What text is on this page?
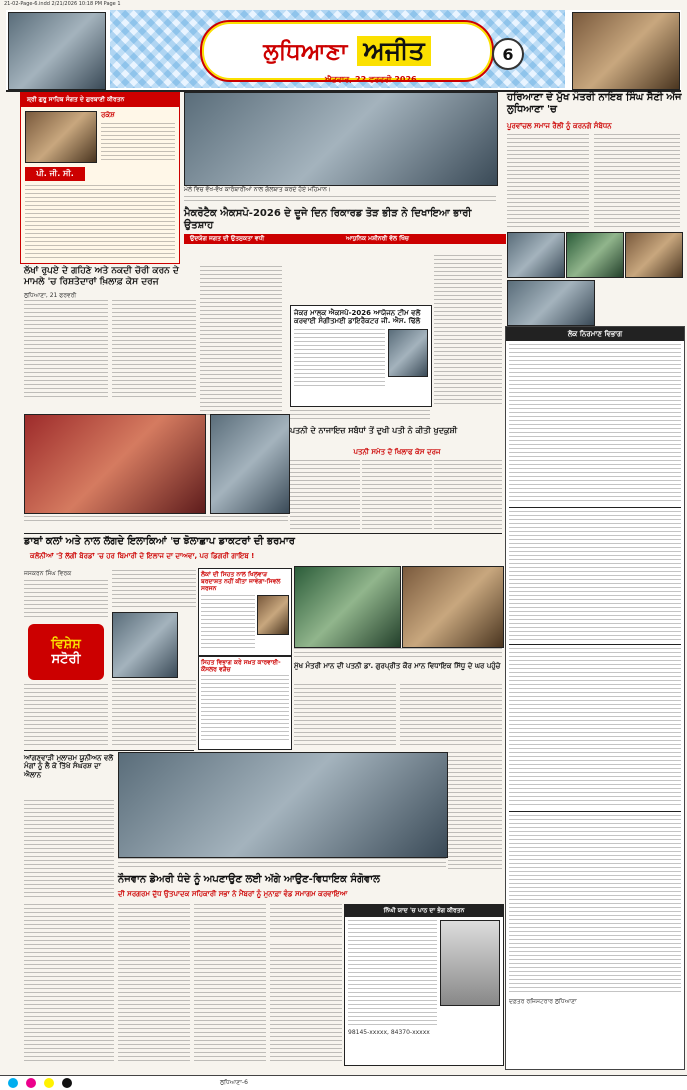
21-02-Page-6.indd 2/21/2026 10:18 PM Page 1
ਲੁਧਿਆਣਾ ਅਜੀਤ	6
ਐਤਵਾਰ, 22 ਫਰਵਰੀ 2026
ਸ਼੍ਰੀ ਗੁਰੂ ਸਾਹਿਬ ਸੰਗਤ ਦੇ ਗੁਰਬਾਣੀ ਕੀਰਤਨ
ਰਕੇਸ਼
ਪੀ. ਜੀ. ਸੀ.
ਮੇਲੇ ਵਿਚ ਵੱਖ-ਵੱਖ ਕਾਰੋਬਾਰੀਆਂ ਨਾਲ ਗੱਲਬਾਤ ਕਰਦੇ ਹੋਏ ਮਹਿਮਾਨ।
ਮੈਕਰੋਟੈਕ ਐਕਸਪੋ-2026 ਦੇ ਦੂਜੇ ਦਿਨ ਰਿਕਾਰਡ ਤੋੜ ਭੀੜ ਨੇ ਦਿਖਾਇਆ ਭਾਰੀ ਉਤਸ਼ਾਹ
ਉਦਯੋਗ ਜਗਤ ਦੀ ਉਤਸੁਕਤਾ ਵਧੀ	ਆਧੁਨਿਕ ਮਸ਼ੀਨਰੀ ਵੱਲ ਖਿੱਚ
ਹਰਿਆਣਾ ਦੇ ਮੁੱਖ ਮੰਤਰੀ ਨਾਇਬ ਸਿੰਘ ਸੈਣੀ ਅੱਜ ਲੁਧਿਆਣਾ 'ਚ
ਪੂਰਵਾਂਚਲ ਸਮਾਜ ਰੈਲੀ ਨੂੰ ਕਰਨਗੇ ਸੰਬੋਧਨ
ਲੋਕ ਨਿਰਮਾਣ ਵਿਭਾਗ
ਦਫ਼ਤਰ ਰਜਿਸਟਰਾਰ ਲੁਧਿਆਣਾ
ਲੱਖਾਂ ਰੁਪਏ ਦੇ ਗਹਿਣੇ ਅਤੇ ਨਕਦੀ ਚੋਰੀ ਕਰਨ ਦੇ ਮਾਮਲੇ 'ਚ ਰਿਸ਼ਤੇਦਾਰਾਂ ਖ਼ਿਲਾਫ਼ ਕੇਸ ਦਰਜ
ਲੁਧਿਆਣਾ, 21 ਫਰਵਰੀ
ਜੇਕਰ ਮਾਲਕ ਐਕਸਪੋ-2026 ਆਯੋਜਨ ਟੀਮ ਵਲੋਂ ਕਰਵਾਈ ਸੰਗੀਤਮਈ ਡਾਇਰੈਕਟਰ ਜੀ. ਐਸ. ਢਿੱਲੋ
ਪਤਨੀ ਦੇ ਨਾਜਾਇਜ਼ ਸਬੰਧਾਂ ਤੋਂ ਦੁਖੀ ਪਤੀ ਨੇ ਕੀਤੀ ਖੁਦਕੁਸ਼ੀ
ਪਤਨੀ ਸਮੇਤ ਦੋ ਖਿਲਾਫ ਕੇਸ ਦਰਜ
ਡਾਬਾਂ ਕਲਾਂ ਅਤੇ ਨਾਲ ਲੱਗਦੇ ਇਲਾਕਿਆਂ 'ਚ ਝੋਲਾਛਾਪ ਡਾਕਟਰਾਂ ਦੀ ਭਰਮਾਰ
ਕਲੋਨੀਆਂ 'ਤੇ ਲੱਗੀ ਬੋਰਡਾਂ 'ਚ ਹਰ ਬਿਮਾਰੀ ਦੇ ਇਲਾਜ ਦਾ ਦਾਅਵਾ, ਪਰ ਡਿਗਰੀ ਗਾਇਬ !
ਜਸਕਰਨ ਸਿੰਘ ਵਿਰਕ
ਵਿਸ਼ੇਸ਼
ਸਟੋਰੀ
ਲੋਕਾਂ ਦੀ ਸਿਹਤ ਨਾਲ ਖਿਲਵਾੜ ਬਰਦਾਸ਼ਤ ਨਹੀਂ ਕੀਤਾ ਜਾਵੇਗਾ-ਸਿਵਲ ਸਰਜਨ
ਸਿਹਤ ਵਿਭਾਗ ਕਰੇ ਸਖ਼ਤ ਕਾਰਵਾਈ-ਕੌਂਸਲਰ ਵੜੈਚ	ਮੁੱਖ ਮੰਤਰੀ ਮਾਨ ਦੀ ਪਤਨੀ ਡਾ. ਗੁਰਪ੍ਰੀਤ ਕੌਰ ਮਾਨ ਵਿਧਾਇਕ ਸਿੱਧੂ ਦੇ ਘਰ ਪਹੁੰਚੇ
ਆਂਗਣਵਾੜੀ ਮੁਲਾਜ਼ਮ ਯੂਨੀਅਨ ਵਲੋਂ ਮੰਗਾਂ ਨੂੰ ਲੈ ਕੇ ਤਿੱਖੇ ਸੰਘਰਸ਼ ਦਾ ਐਲਾਨ
ਨੌਜਵਾਨ ਡੇਅਰੀ ਧੰਦੇ ਨੂੰ ਅਪਣਾਉਣ ਲਈ ਅੱਗੇ ਆਉਣ-ਵਿਧਾਇਕ ਸੰਗੋਵਾਲ
ਦੀ ਸਰਗਰਮ ਦੁੱਧ ਉਤਪਾਦਕ ਸਹਿਕਾਰੀ ਸਭਾ ਨੇ ਮੈਂਬਰਾਂ ਨੂੰ ਮੁਨਾਫ਼ਾ ਵੰਡ ਸਮਾਗਮ ਕਰਵਾਇਆ
ਨਿੱਘੀ ਯਾਦ 'ਚ ਪਾਠ ਦਾ ਭੋਗ ਕੀਰਤਨ
98145-xxxxx, 84370-xxxxx
ਲੁਧਿਆਣਾ-6
